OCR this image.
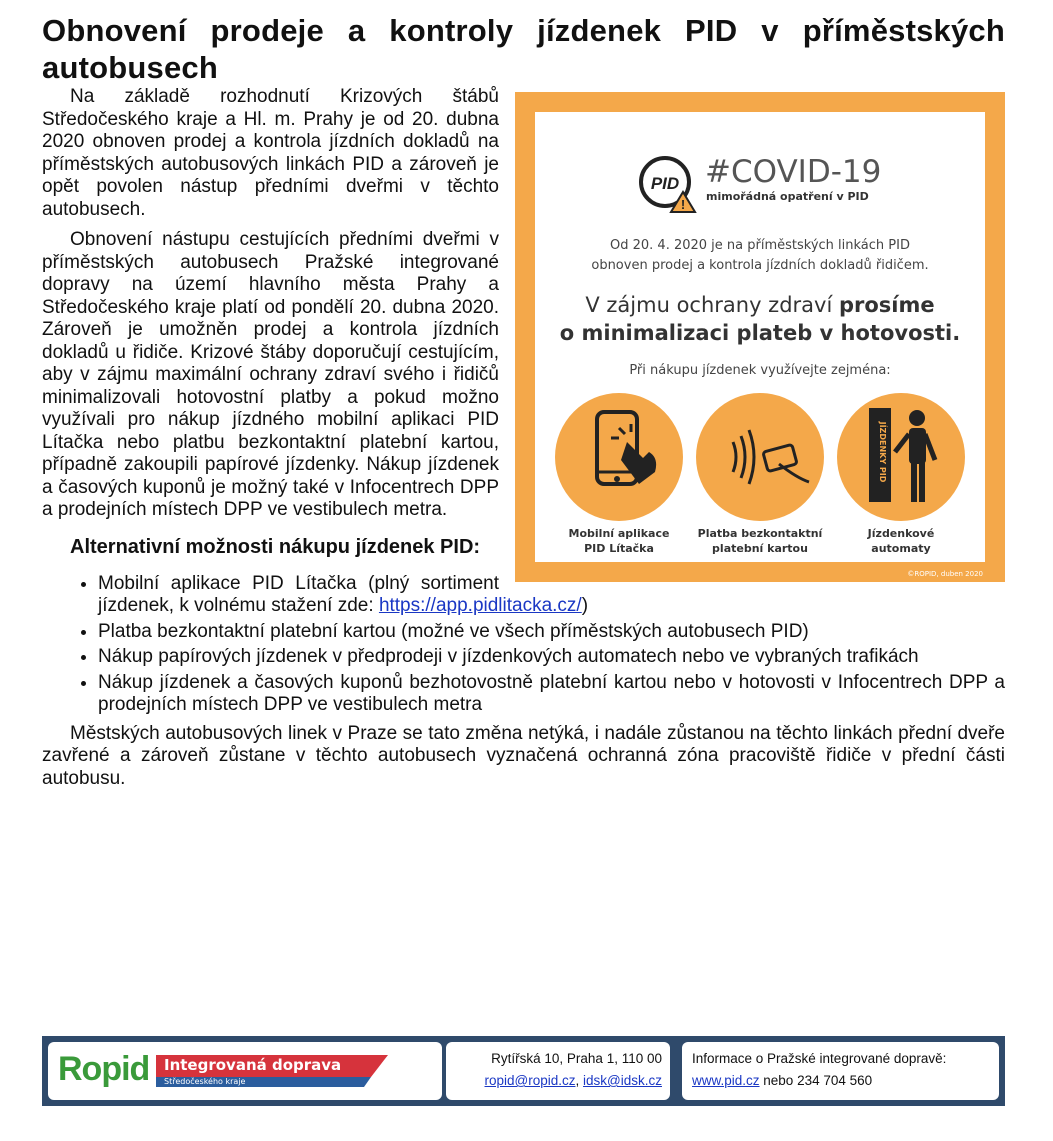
Obnovení prodeje a kontroly jízdenek PID v příměstských autobusech
PID
!
#COVID-19
mimořádná opatření v PID
Od 20. 4. 2020 je na příměstských linkách PID
obnoven prodej a kontrola jízdních dokladů řidičem.
V zájmu ochrany zdraví prosíme
o minimalizaci plateb v hotovosti.
Při nákupu jízdenek využívejte zejména:
JÍZDENKY PID
Mobilní aplikace
PID Lítačka
Platba bezkontaktní
platební kartou
Jízdenkové
automaty
©ROPID, duben 2020

Na základě rozhodnutí Krizových štábů Středočeského kraje a Hl. m. Prahy je od 20. dubna 2020 obnoven prodej a kontrola jízdních dokladů na příměstských autobusových linkách PID a zároveň je opět povolen nástup předními dveřmi v těchto autobusech.

Obnovení nástupu cestujících předními dveřmi v příměstských autobusech Pražské integrované dopravy na území hlavního města Prahy a Středočeského kraje platí od pondělí 20. dubna 2020. Zároveň je umožněn prodej a kontrola jízdních dokladů u řidiče. Krizové štáby doporučují cestujícím, aby v zájmu maximální ochrany zdraví svého i řidičů minimalizovali hotovostní platby a pokud možno využívali pro nákup jízdného mobilní aplikaci PID Lítačka nebo platbu bezkontaktní platební kartou, případně zakoupili papírové jízdenky. Nákup jízdenek a časových kuponů je možný také v Infocentrech DPP a prodejních místech DPP ve vestibulech metra.

Alternativní možnosti nákupu jízdenek PID:
• Mobilní aplikace PID Lítačka (plný sortiment jízdenek, k volnému stažení zde: https://app.pidlitacka.cz/)
• Platba bezkontaktní platební kartou (možné ve všech příměstských autobusech PID)
• Nákup papírových jízdenek v předprodeji v jízdenkových automatech nebo ve vybraných trafikách
• Nákup jízdenek a časových kuponů bezhotovostně platební kartou nebo v hotovosti v Infocentrech DPP a prodejních místech DPP ve vestibulech metra

Městských autobusových linek v Praze se tato změna netýká, i nadále zůstanou na těchto linkách přední dveře zavřené a zároveň zůstane v těchto autobusech vyznačená ochranná zóna pracoviště řidiče v přední části autobusu.

Ropid Integrovaná doprava
Středočeského kraje
Rytířská 10, Praha 1, 110 00
ropid@ropid.cz, idsk@idsk.cz
Informace o Pražské integrované dopravě:
www.pid.cz nebo 234 704 560
